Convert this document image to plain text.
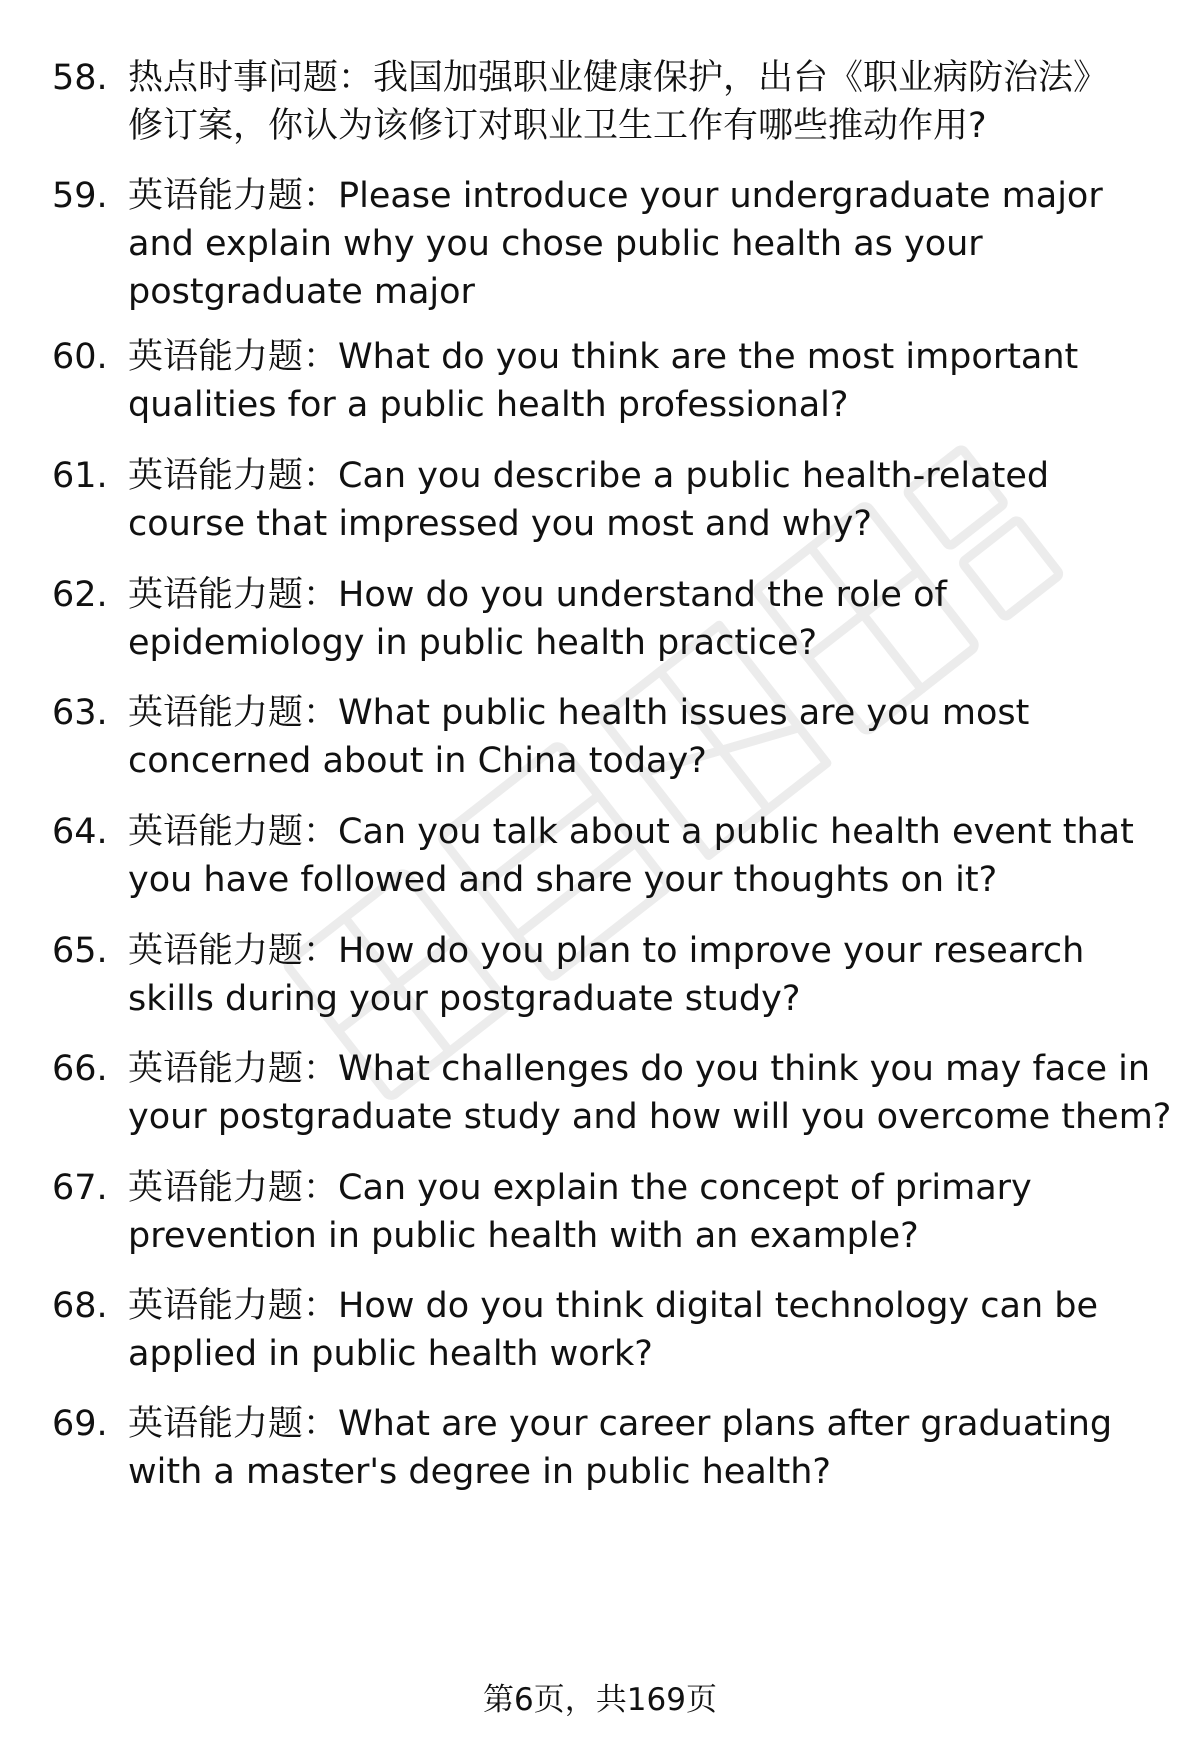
58. 热点时事问题：我国加强职业健康保护，出台《职业病防治法》
修订案，你认为该修订对职业卫生工作有哪些推动作用?
59. 英语能力题：Please introduce your undergraduate major
and explain why you chose public health as your
postgraduate major
60. 英语能力题：What do you think are the most important
qualities for a public health professional?
61. 英语能力题：Can you describe a public health-related
course that impressed you most and why?
62. 英语能力题：How do you understand the role of
epidemiology in public health practice?
63. 英语能力题：What public health issues are you most
concerned about in China today?
64. 英语能力题：Can you talk about a public health event that
you have followed and share your thoughts on it?
65. 英语能力题：How do you plan to improve your research
skills during your postgraduate study?
66. 英语能力题：What challenges do you think you may face in
your postgraduate study and how will you overcome them?
67. 英语能力题：Can you explain the concept of primary
prevention in public health with an example?
68. 英语能力题：How do you think digital technology can be
applied in public health work?
69. 英语能力题：What are your career plans after graduating
with a master's degree in public health?
第6页，共169页
